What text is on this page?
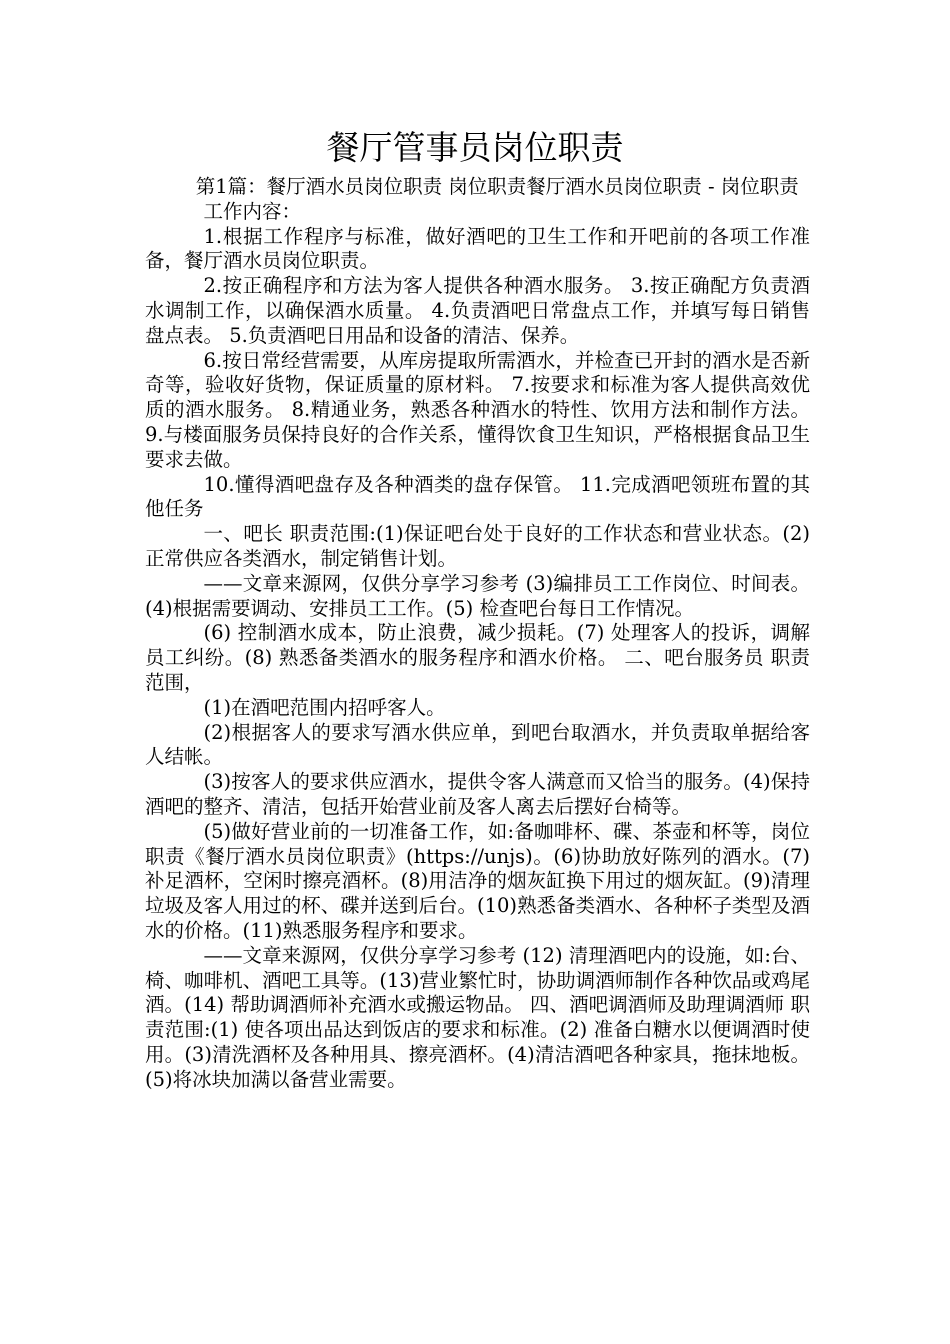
餐厅管事员岗位职责

第1篇：餐厅酒水员岗位职责 岗位职责餐厅酒水员岗位职责 - 岗位职责

工作内容：

1.根据工作程序与标准，做好酒吧的卫生工作和开吧前的各项工作准备，餐厅酒水员岗位职责。

2.按正确程序和方法为客人提供各种酒水服务。 3.按正确配方负责酒水调制工作，以确保酒水质量。 4.负责酒吧日常盘点工作，并填写每日销售盘点表。 5.负责酒吧日用品和设备的清洁、保养。

6.按日常经营需要，从库房提取所需酒水，并检查已开封的酒水是否新奇等，验收好货物，保证质量的原材料。 7.按要求和标准为客人提供高效优质的酒水服务。 8.精通业务，熟悉各种酒水的特性、饮用方法和制作方法。 9.与楼面服务员保持良好的合作关系，懂得饮食卫生知识，严格根据食品卫生要求去做。

10.懂得酒吧盘存及各种酒类的盘存保管。 11.完成酒吧领班布置的其他任务

一、吧长 职责范围:(1)保证吧台处于良好的工作状态和营业状态。(2)正常供应各类酒水，制定销售计划。

——文章来源网，仅供分享学习参考 (3)编排员工工作岗位、时间表。(4)根据需要调动、安排员工工作。(5) 检查吧台每日工作情况。

(6) 控制酒水成本，防止浪费，减少损耗。(7) 处理客人的投诉，调解员工纠纷。(8) 熟悉备类酒水的服务程序和酒水价格。 二、吧台服务员 职责范围，

(1)在酒吧范围内招呼客人。

(2)根据客人的要求写酒水供应单，到吧台取酒水，并负责取单据给客人结帐。

(3)按客人的要求供应酒水，提供令客人满意而又恰当的服务。(4)保持酒吧的整齐、清洁，包括开始营业前及客人离去后摆好台椅等。

(5)做好营业前的一切准备工作，如:备咖啡杯、碟、茶壶和杯等，岗位职责《餐厅酒水员岗位职责》(https://unjs)。(6)协助放好陈列的酒水。(7)补足酒杯，空闲时擦亮酒杯。(8)用洁净的烟灰缸换下用过的烟灰缸。(9)清理垃圾及客人用过的杯、碟并送到后台。(10)熟悉备类酒水、各种杯子类型及酒水的价格。(11)熟悉服务程序和要求。

——文章来源网，仅供分享学习参考 (12) 清理酒吧内的设施，如:台、椅、咖啡机、酒吧工具等。(13)营业繁忙时，协助调酒师制作各种饮品或鸡尾酒。(14) 帮助调酒师补充酒水或搬运物品。 四、酒吧调酒师及助理调酒师 职责范围:(1) 使各项出品达到饭店的要求和标准。(2) 准备白糖水以便调酒时使用。(3)清洗酒杯及各种用具、擦亮酒杯。(4)清洁酒吧各种家具，拖抹地板。(5)将冰块加满以备营业需要。
